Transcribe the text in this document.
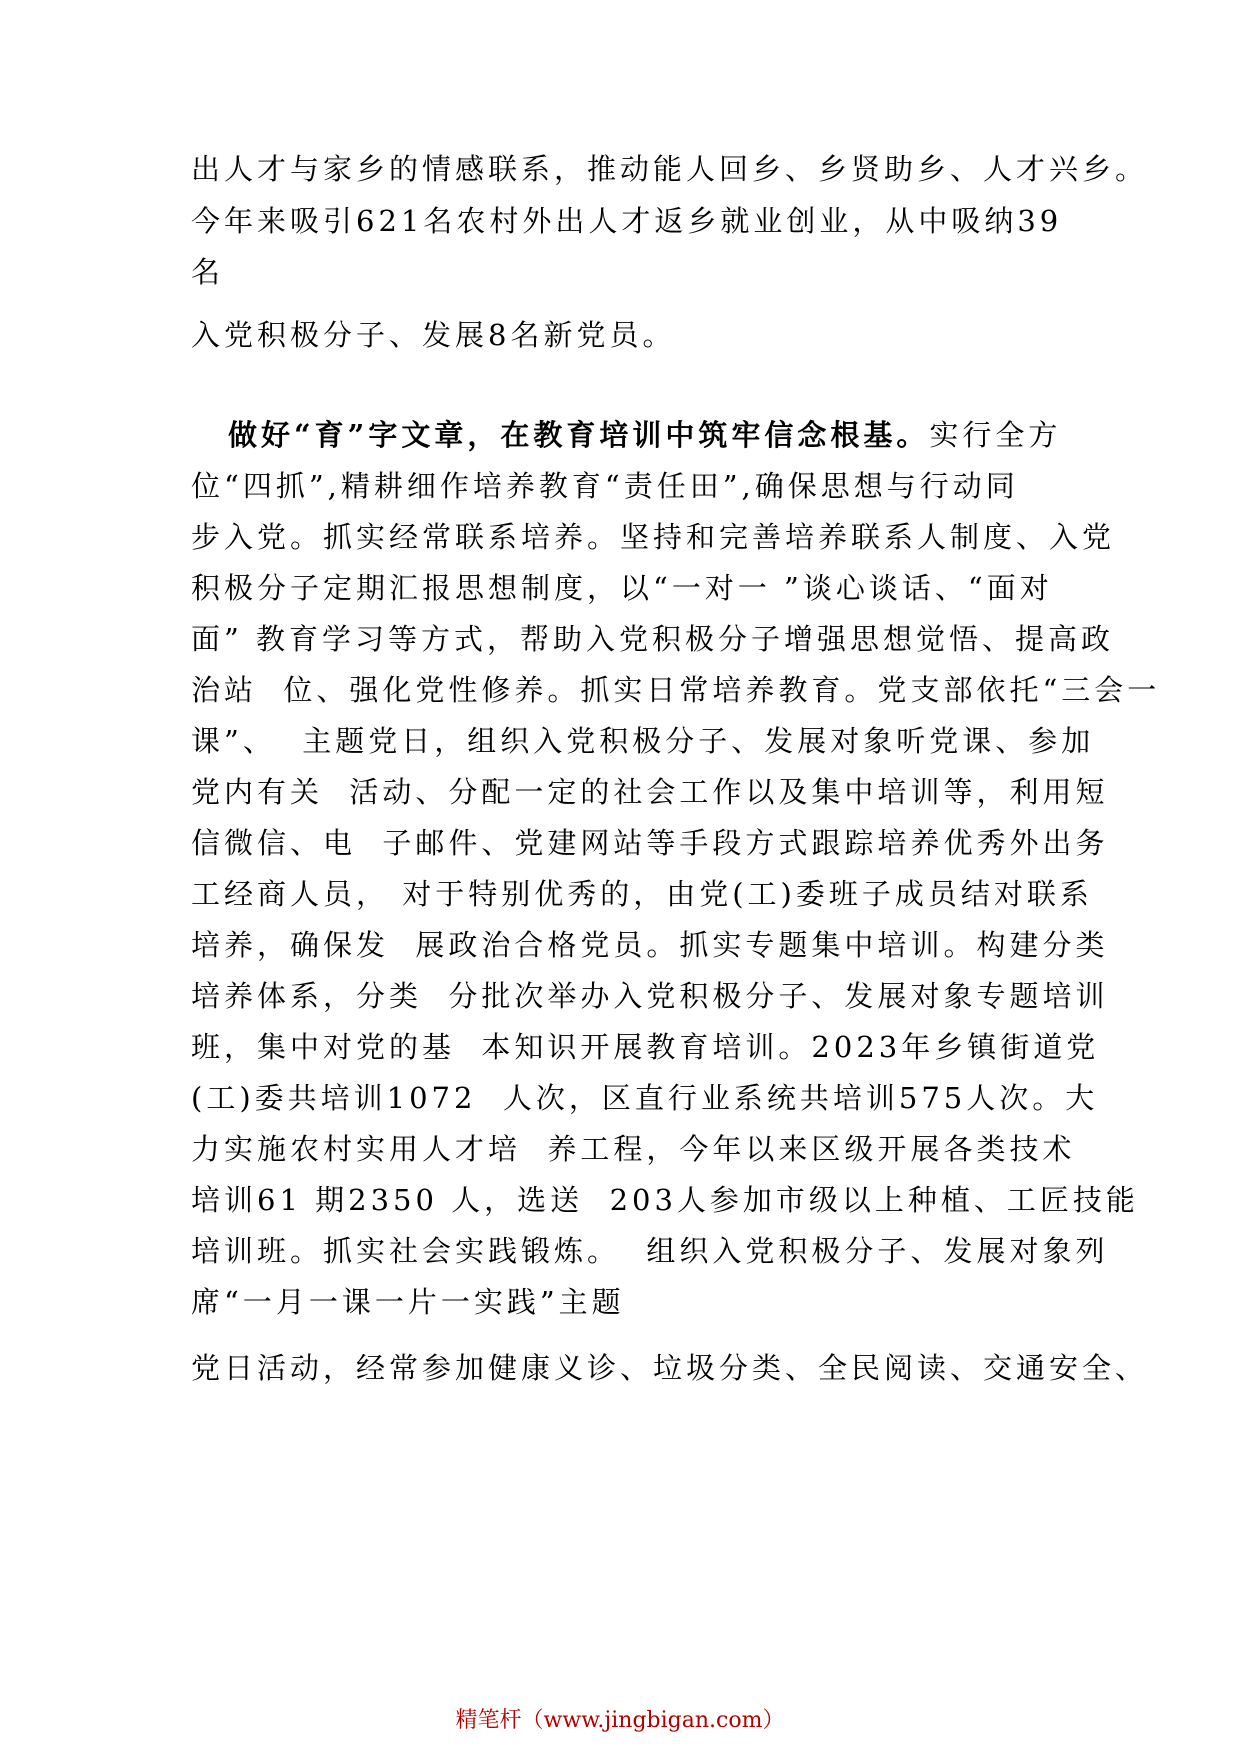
出人才与家乡的情感联系，推动能人回乡、乡贤助乡、人才兴乡。
今年来吸引621名农村外出人才返乡就业创业，从中吸纳39
名
入党积极分子、发展8名新党员。
做好“育”字文章，在教育培训中筑牢信念根基。实行全方
位“四抓”,精耕细作培养教育“责任田”,确保思想与行动同
步入党。抓实经常联系培养。坚持和完善培养联系人制度、入党
积极分子定期汇报思想制度，以“一对一 ”谈心谈话、“面对
面” 教育学习等方式，帮助入党积极分子增强思想觉悟、提高政
治站  位、强化党性修养。抓实日常培养教育。党支部依托“三会一
课”、  主题党日，组织入党积极分子、发展对象听党课、参加
党内有关  活动、分配一定的社会工作以及集中培训等，利用短
信微信、电  子邮件、党建网站等手段方式跟踪培养优秀外出务
工经商人员， 对于特别优秀的，由党(工)委班子成员结对联系
培养，确保发  展政治合格党员。抓实专题集中培训。构建分类
培养体系，分类  分批次举办入党积极分子、发展对象专题培训
班，集中对党的基  本知识开展教育培训。2023年乡镇街道党
(工)委共培训1072  人次，区直行业系统共培训575人次。大
力实施农村实用人才培  养工程，今年以来区级开展各类技术
培训61 期2350 人，选送  203人参加市级以上种植、工匠技能
培训班。抓实社会实践锻炼。  组织入党积极分子、发展对象列
席“一月一课一片一实践”主题
党日活动，经常参加健康义诊、垃圾分类、全民阅读、交通安全、
精笔杆（www.jingbigan.com）
